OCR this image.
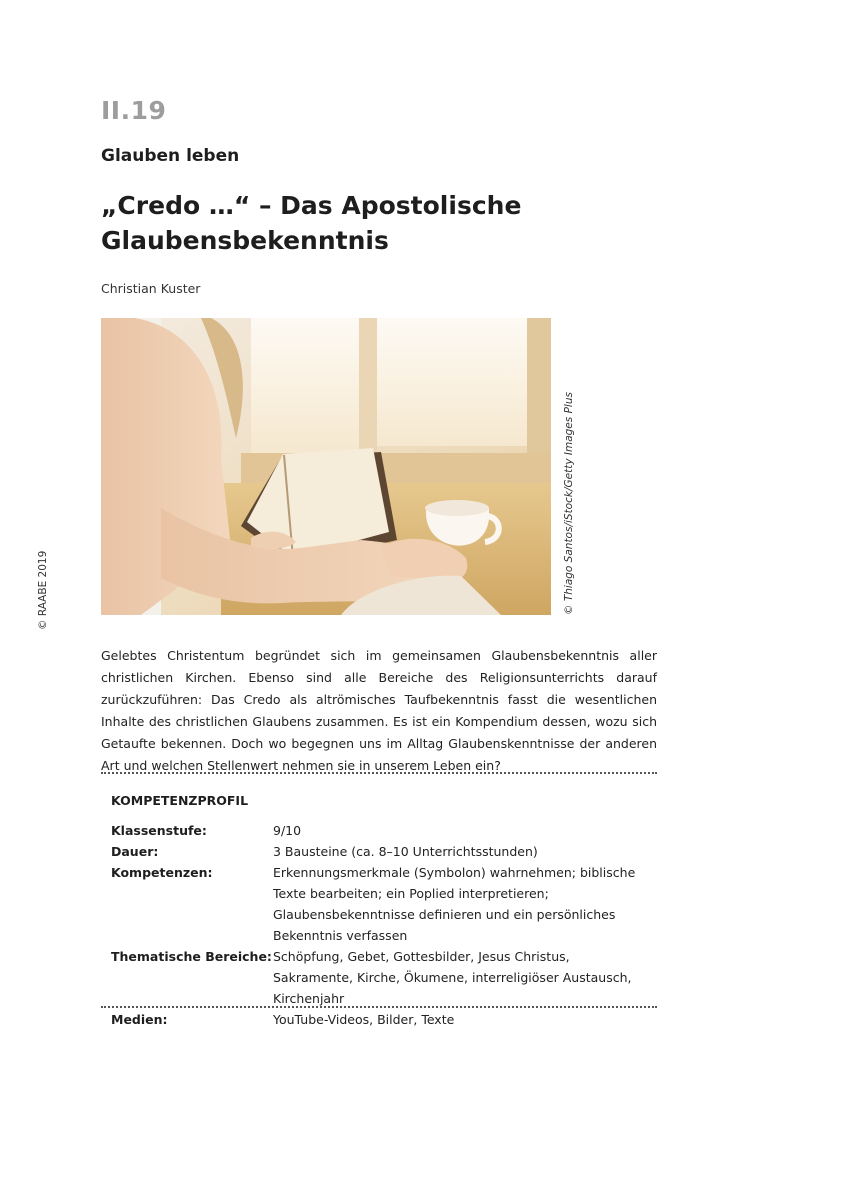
II.19
Glauben leben
„Credo …“ – Das Apostolische Glaubensbekenntnis
Christian Kuster
© Thiago Santos/iStock/Getty Images Plus
© RAABE 2019

Gelebtes Christentum begründet sich im gemeinsamen Glaubensbekenntnis aller christlichen Kirchen. Ebenso sind alle Bereiche des Religionsunterrichts darauf zurückzuführen: Das Credo als altrömisches Taufbekenntnis fasst die wesentlichen Inhalte des christlichen Glaubens zusammen. Es ist ein Kompendium dessen, wozu sich Getaufte bekennen. Doch wo begegnen uns im Alltag Glaubenskenntnisse der anderen Art und welchen Stellenwert nehmen sie in unserem Leben ein?

KOMPETENZPROFIL
Klassenstufe:	9/10
Dauer:	3 Bausteine (ca. 8–10 Unterrichtsstunden)
Kompetenzen:	Erkennungsmerkmale (Symbolon) wahrnehmen; biblische Texte bearbeiten; ein Poplied interpretieren; Glaubensbekenntnisse definieren und ein persönliches Bekenntnis verfassen
Thematische Bereiche: Schöpfung, Gebet, Gottesbilder, Jesus Christus, Sakramente, Kirche, Ökumene, interreligiöser Austausch, Kirchenjahr
Medien:	YouTube-Videos, Bilder, Texte
